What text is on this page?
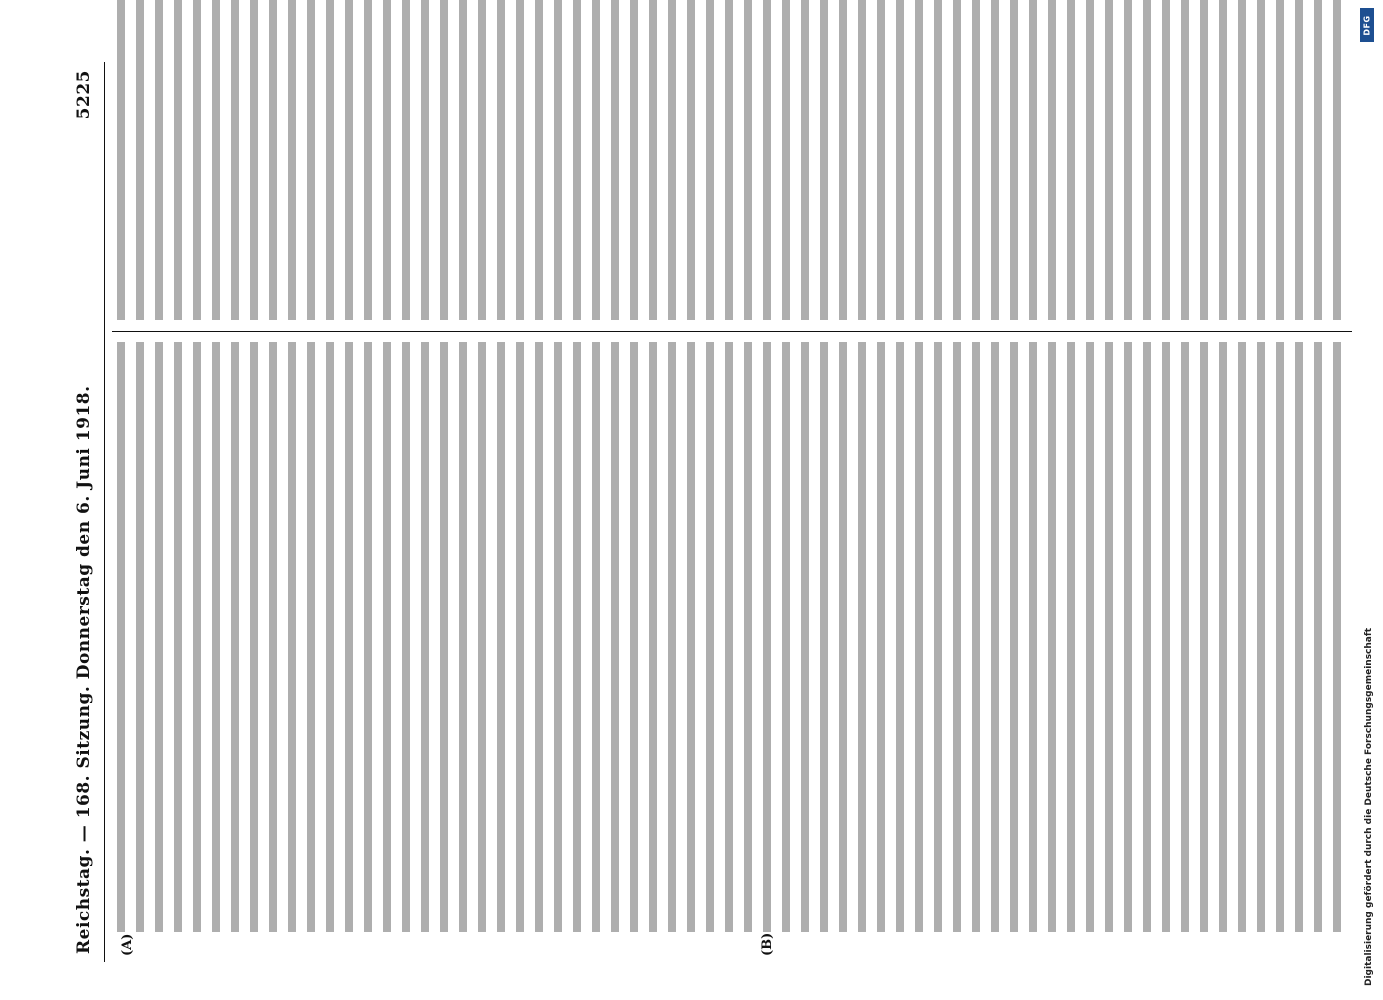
Reichstag. — 168. Sitzung. Donnerstag den 6. Juni 1918.
5225
(A)	(B)	Digitalisierung gefördert durch die Deutsche Forschungsgemeinschaft
DFG
